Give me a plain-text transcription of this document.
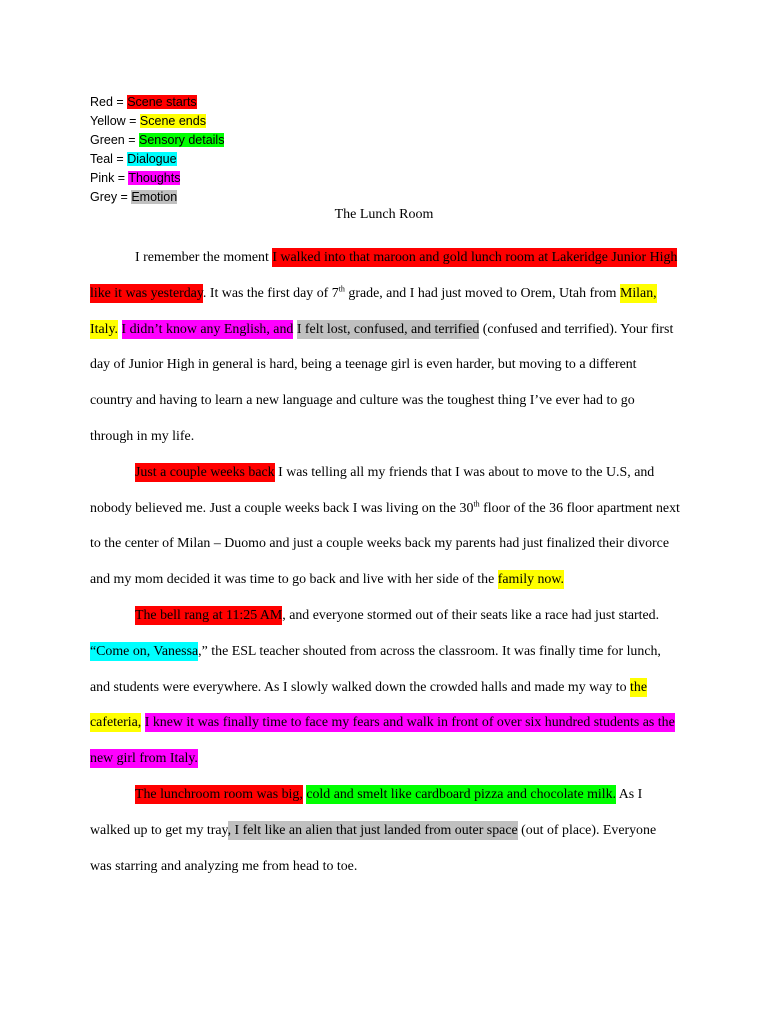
Red = Scene starts
Yellow = Scene ends
Green = Sensory details
Teal = Dialogue
Pink = Thoughts
Grey = Emotion
The Lunch Room

I remember the moment I walked into that maroon and gold lunch room at Lakeridge Junior High like it was yesterday. It was the first day of 7th grade, and I had just moved to Orem, Utah from Milan, Italy. I didn’t know any English, and I felt lost, confused, and terrified (confused and terrified). Your first day of Junior High in general is hard, being a teenage girl is even harder, but moving to a different country and having to learn a new language and culture was the toughest thing I’ve ever had to go through in my life.

Just a couple weeks back I was telling all my friends that I was about to move to the U.S, and nobody believed me. Just a couple weeks back I was living on the 30th floor of the 36 floor apartment next to the center of Milan – Duomo and just a couple weeks back my parents had just finalized their divorce and my mom decided it was time to go back and live with her side of the family now.

The bell rang at 11:25 AM, and everyone stormed out of their seats like a race had just started. “Come on, Vanessa,” the ESL teacher shouted from across the classroom. It was finally time for lunch, and students were everywhere. As I slowly walked down the crowded halls and made my way to the cafeteria, I knew it was finally time to face my fears and walk in front of over six hundred students as the new girl from Italy.

The lunchroom room was big, cold and smelt like cardboard pizza and chocolate milk. As I walked up to get my tray, I felt like an alien that just landed from outer space (out of place). Everyone was starring and analyzing me from head to toe.
